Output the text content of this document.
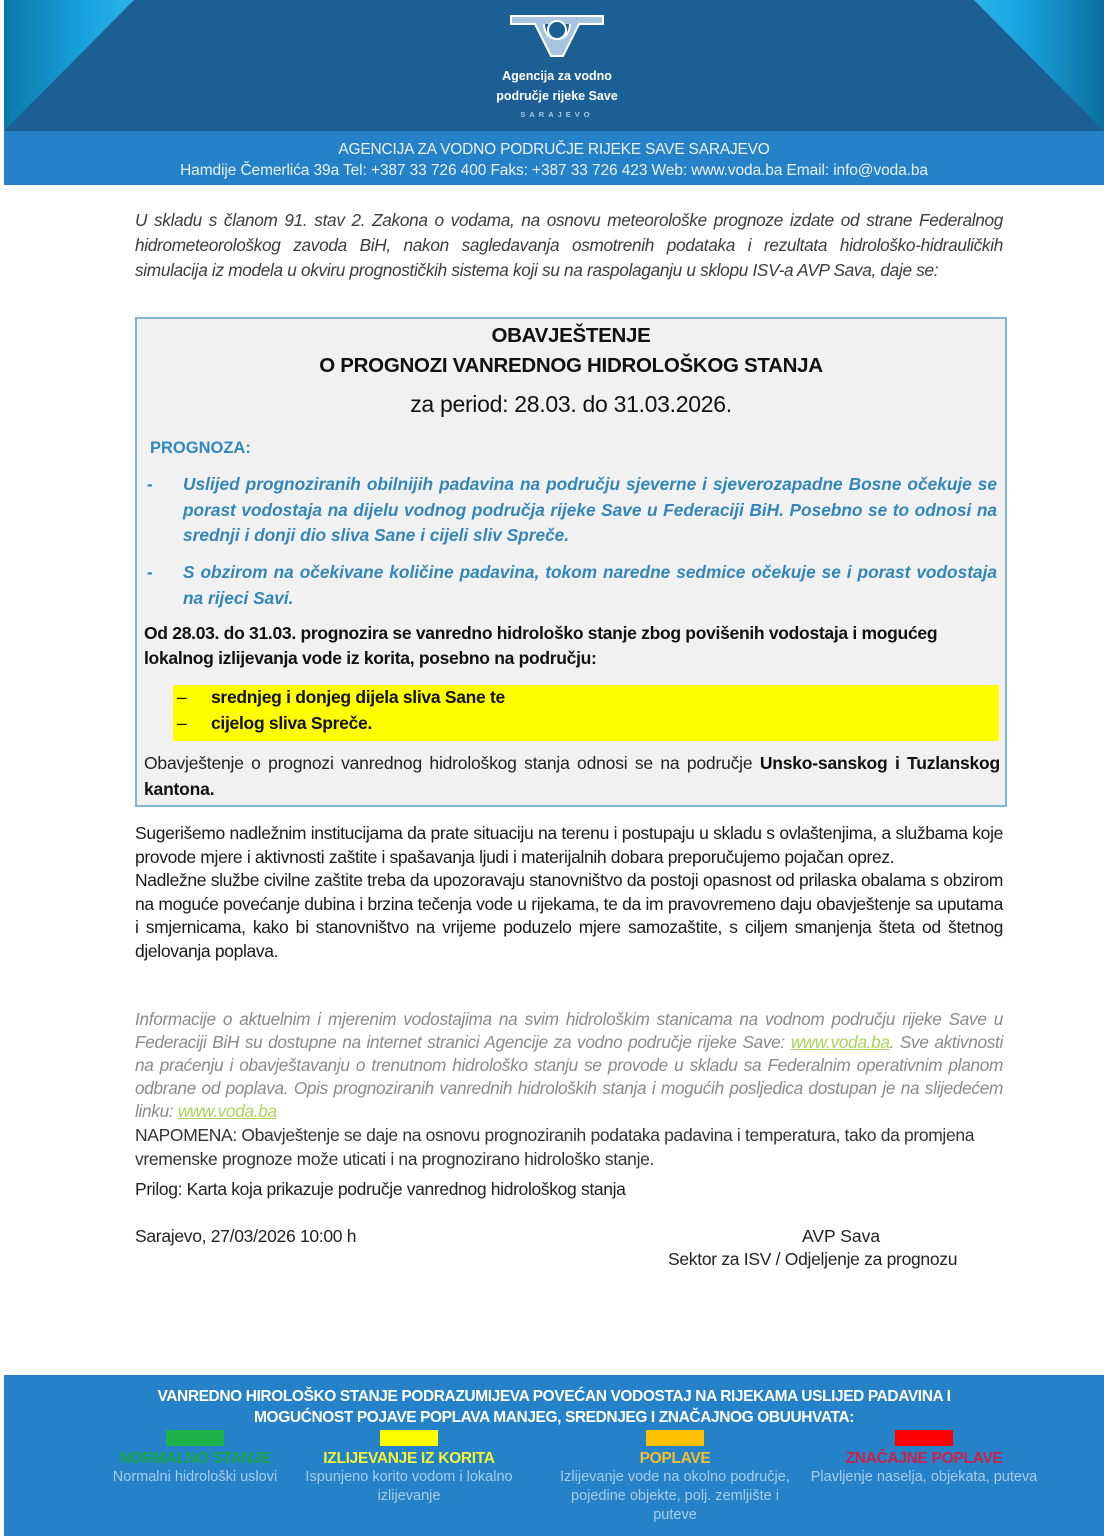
Agencija za vodno
područje rijeke Save
SARAJEVO
AGENCIJA ZA VODNO PODRUČJE RIJEKE SAVE SARAJEVO
Hamdije Čemerlića 39a Tel: +387 33 726 400 Faks: +387 33 726 423 Web: www.voda.ba Email: info@voda.ba
U skladu s članom 91. stav 2. Zakona o vodama, na osnovu meteorološke prognoze izdate od strane Federalnog hidrometeorološkog zavoda BiH, nakon sagledavanja osmotrenih podataka i rezultata hidrološko-hidrauličkih simulacija iz modela u okviru prognostičkih sistema koji su na raspolaganju u sklopu ISV-a AVP Sava, daje se:
OBAVJEŠTENJE
O PROGNOZI VANREDNOG HIDROLOŠKOG STANJA
za period: 28.03. do 31.03.2026.
PROGNOZA:
-	Uslijed prognoziranih obilnijih padavina na području sjeverne i sjeverozapadne Bosne očekuje se porast vodostaja na dijelu vodnog područja rijeke Save u Federaciji BiH. Posebno se to odnosi na srednji i donji dio sliva Sane i cijeli sliv Spreče.
-	S obzirom na očekivane količine padavina, tokom naredne sedmice očekuje se i porast vodostaja na rijeci Savi.
Od 28.03. do 31.03. prognozira se vanredno hidrološko stanje zbog povišenih vodostaja i mogućeg lokalnog izlijevanja vode iz korita, posebno na području:
– srednjeg i donjeg dijela sliva Sane te
– cijelog sliva Spreče.
Obavještenje o prognozi vanrednog hidrološkog stanja odnosi se na područje Unsko-sanskog i Tuzlanskog kantona.

Sugerišemo nadležnim institucijama da prate situaciju na terenu i postupaju u skladu s ovlaštenjima, a službama koje provode mjere i aktivnosti zaštite i spašavanja ljudi i materijalnih dobara preporučujemo pojačan oprez.

Nadležne službe civilne zaštite treba da upozoravaju stanovništvo da postoji opasnost od prilaska obalama s obzirom na moguće povećanje dubina i brzina tečenja vode u rijekama, te da im pravovremeno daju obavještenje sa uputama i smjernicama, kako bi stanovništvo na vrijeme poduzelo mjere samozaštite, s ciljem smanjenja šteta od štetnog djelovanja poplava.

Informacije o aktuelnim i mjerenim vodostajima na svim hidrološkim stanicama na vodnom području rijeke Save u Federaciji BiH su dostupne na internet stranici Agencije za vodno područje rijeke Save: www.voda.ba. Sve aktivnosti na praćenju i obavještavanju o trenutnom hidrološko stanju se provode u skladu sa Federalnim operativnim planom odbrane od poplava. Opis prognoziranih vanrednih hidroloških stanja i mogućih posljedica dostupan je na slijedećem linku: www.voda.ba
NAPOMENA: Obavještenje se daje na osnovu prognoziranih podataka padavina i temperatura, tako da promjena vremenske prognoze može uticati i na prognozirano hidrološko stanje.
Prilog: Karta koja prikazuje područje vanrednog hidrološkog stanja
Sarajevo, 27/03/2026 10:00 h	AVP Sava
Sektor za ISV / Odjeljenje za prognozu
VANREDNO HIROLOŠKO STANJE PODRAZUMIJEVA POVEĆAN VODOSTAJ NA RIJEKAMA USLIJED PADAVINA I
MOGUĆNOST POJAVE POPLAVA MANJEG, SREDNJEG I ZNAČAJNOG OBUUHVATA:
NORMALNO STANJE
Normalni hidrološki uslovi
IZLIJEVANJE IZ KORITA
Ispunjeno korito vodom i lokalno izlijevanje
POPLAVE
Izlijevanje vode na okolno područje, pojedine objekte, polj. zemljište i puteve
ZNAČAJNE POPLAVE
Plavljenje naselja, objekata, puteva
